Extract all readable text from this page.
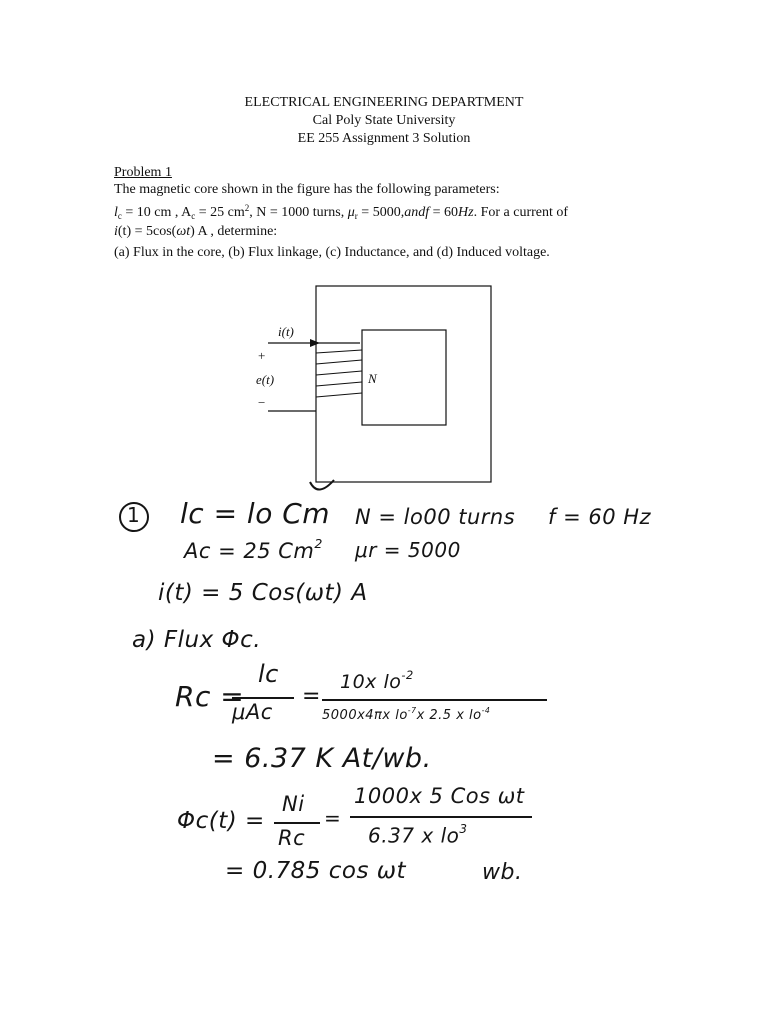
ELECTRICAL ENGINEERING DEPARTMENT
Cal Poly State University
EE 255 Assignment 3 Solution
Problem 1
The magnetic core shown in the figure has the following parameters:
$l_c = 10$ cm , $A_c = 25$ $cm^2$, N = 1000 turns, $\mu_r$ = 5000,andf = 60Hz. For a current of
i(t) = 5cos(ωt) A , determine:
(a) Flux in the core, (b) Flux linkage, (c) Inductance, and (d) Induced voltage.
i(t)
+
e(t)
−
N
1 lc = lo Cm N = lo00 turns f = 60 Hz
Ac = 25 Cm$^2$ μr = 5000
i(t) = 5 Cos(ωt) A
a) Flux Φc.
Rc =
lc
μAc
=
10x $lo^{-2}$
5000x4πx $lo^{-7}x$ 2.5 x $lo^{-4}$
= 6.37 K At/wb.
Φc(t) =
Ni
Rc
=
1000x 5 Cos ωt
6.37 x $lo^3$
= 0.785 cos ωt	wb.
